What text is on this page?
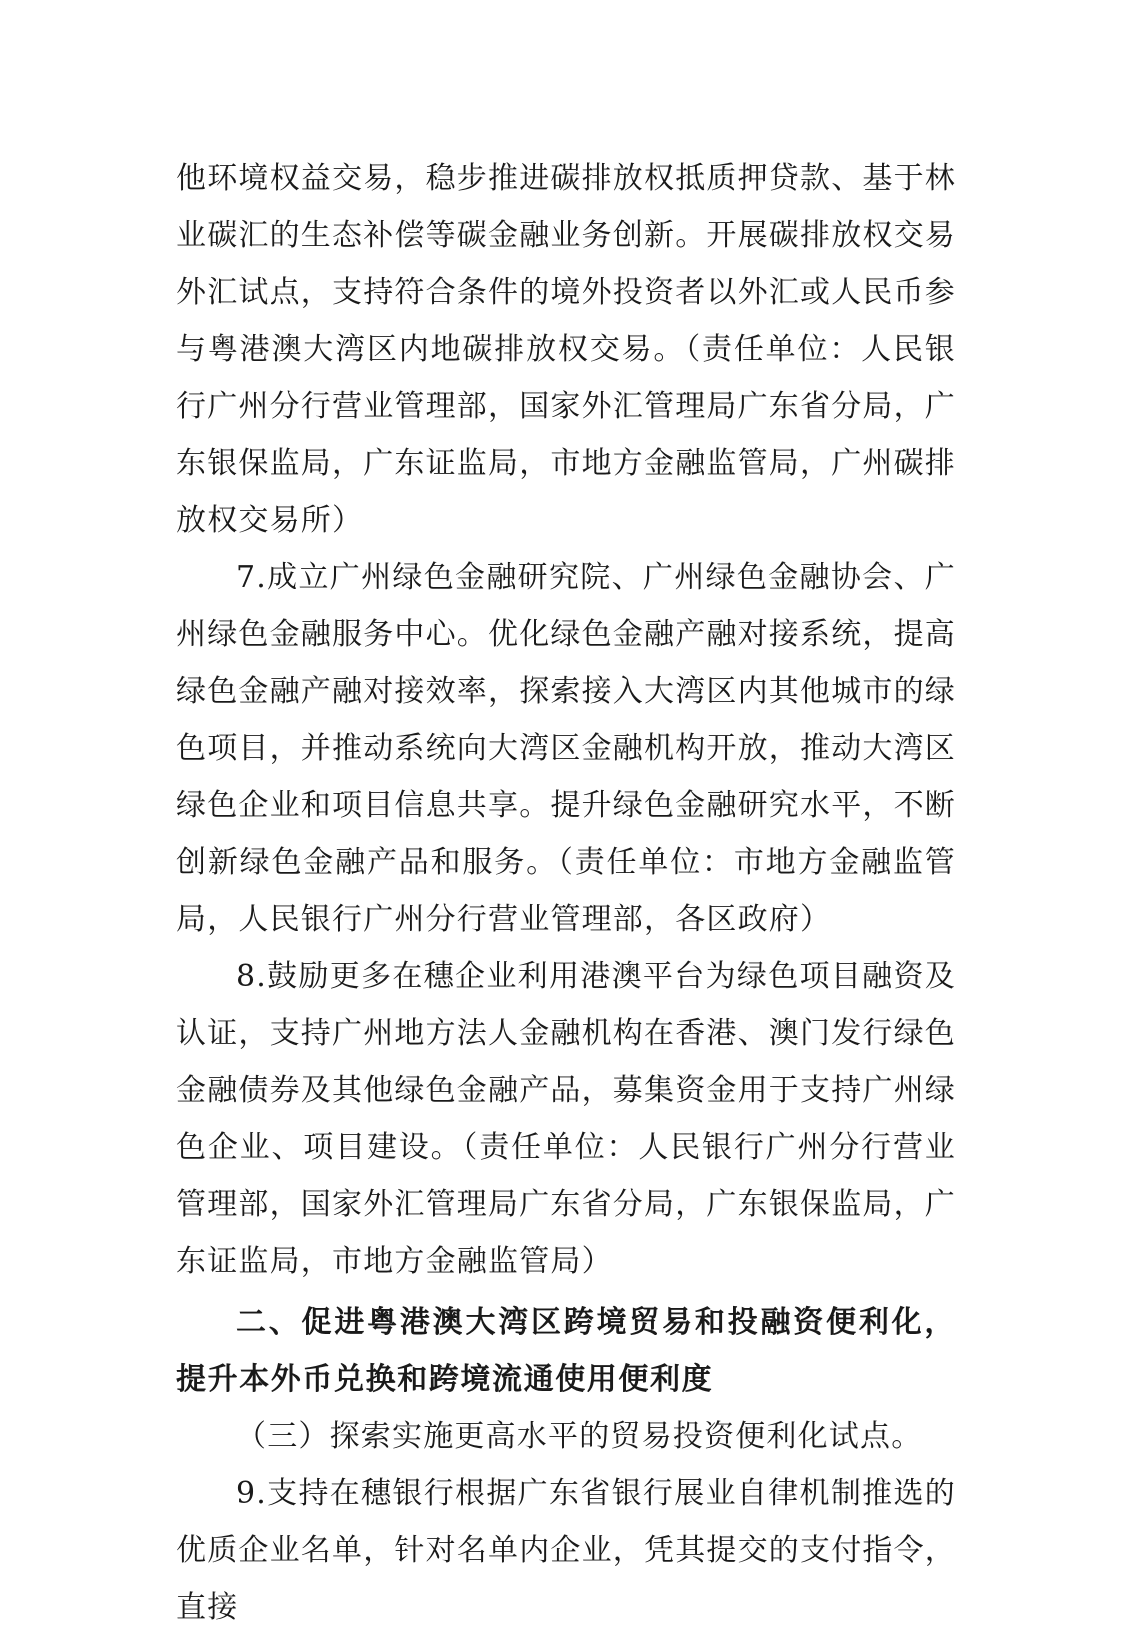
他环境权益交易，稳步推进碳排放权抵质押贷款、基于林业碳汇的生态补偿等碳金融业务创新。开展碳排放权交易外汇试点，支持符合条件的境外投资者以外汇或人民币参与粤港澳大湾区内地碳排放权交易。（责任单位：人民银行广州分行营业管理部，国家外汇管理局广东省分局，广东银保监局，广东证监局，市地方金融监管局，广州碳排放权交易所）

7.成立广州绿色金融研究院、广州绿色金融协会、广州绿色金融服务中心。优化绿色金融产融对接系统，提高绿色金融产融对接效率，探索接入大湾区内其他城市的绿色项目，并推动系统向大湾区金融机构开放，推动大湾区绿色企业和项目信息共享。提升绿色金融研究水平，不断创新绿色金融产品和服务。（责任单位：市地方金融监管局，人民银行广州分行营业管理部，各区政府）

8.鼓励更多在穗企业利用港澳平台为绿色项目融资及认证，支持广州地方法人金融机构在香港、澳门发行绿色金融债券及其他绿色金融产品，募集资金用于支持广州绿色企业、项目建设。（责任单位：人民银行广州分行营业管理部，国家外汇管理局广东省分局，广东银保监局，广东证监局，市地方金融监管局）

二、促进粤港澳大湾区跨境贸易和投融资便利化，提升本外币兑换和跨境流通使用便利度

（三）探索实施更高水平的贸易投资便利化试点。

9.支持在穗银行根据广东省银行展业自律机制推选的优质企业名单，针对名单内企业，凭其提交的支付指令，直接
